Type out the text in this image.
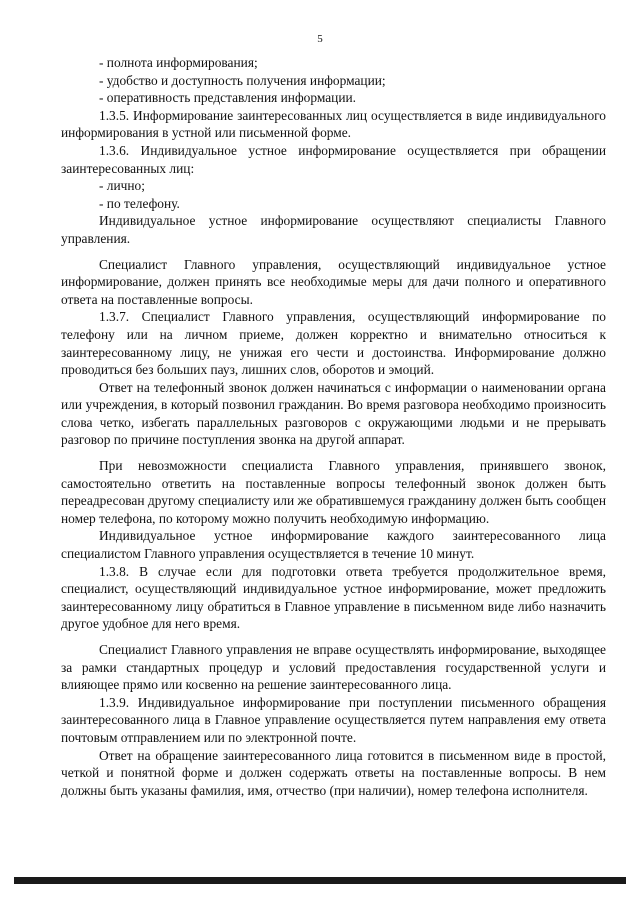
5

- полнота информирования;

- удобство и доступность получения информации;

- оперативность представления информации.

1.3.5. Информирование заинтересованных лиц осуществляется в виде индивидуального информирования в устной или письменной форме.

1.3.6. Индивидуальное устное информирование осуществляется при обращении заинтересованных лиц:

- лично;

- по телефону.

Индивидуальное устное информирование осуществляют специалисты Главного управления.

Специалист Главного управления, осуществляющий индивидуальное устное информирование, должен принять все необходимые меры для дачи полного и оперативного ответа на поставленные вопросы.

1.3.7. Специалист Главного управления, осуществляющий информирование по телефону или на личном приеме, должен корректно и внимательно относиться к заинтересованному лицу, не унижая его чести и достоинства. Информирование должно проводиться без больших пауз, лишних слов, оборотов и эмоций.

Ответ на телефонный звонок должен начинаться с информации о наименовании органа или учреждения, в который позвонил гражданин. Во время разговора необходимо произносить слова четко, избегать параллельных разговоров с окружающими людьми и не прерывать разговор по причине поступления звонка на другой аппарат.

При невозможности специалиста Главного управления, принявшего звонок, самостоятельно ответить на поставленные вопросы телефонный звонок должен быть переадресован другому специалисту или же обратившемуся гражданину должен быть сообщен номер телефона, по которому можно получить необходимую информацию.

Индивидуальное устное информирование каждого заинтересованного лица специалистом Главного управления осуществляется в течение 10 минут.

1.3.8. В случае если для подготовки ответа требуется продолжительное время, специалист, осуществляющий индивидуальное устное информирование, может предложить заинтересованному лицу обратиться в Главное управление в письменном виде либо назначить другое удобное для него время.

Специалист Главного управления не вправе осуществлять информирование, выходящее за рамки стандартных процедур и условий предоставления государственной услуги и влияющее прямо или косвенно на решение заинтересованного лица.

1.3.9. Индивидуальное информирование при поступлении письменного обращения заинтересованного лица в Главное управление осуществляется путем направления ему ответа почтовым отправлением или по электронной почте.

Ответ на обращение заинтересованного лица готовится в письменном виде в простой, четкой и понятной форме и должен содержать ответы на поставленные вопросы. В нем должны быть указаны фамилия, имя, отчество (при наличии), номер телефона исполнителя.
